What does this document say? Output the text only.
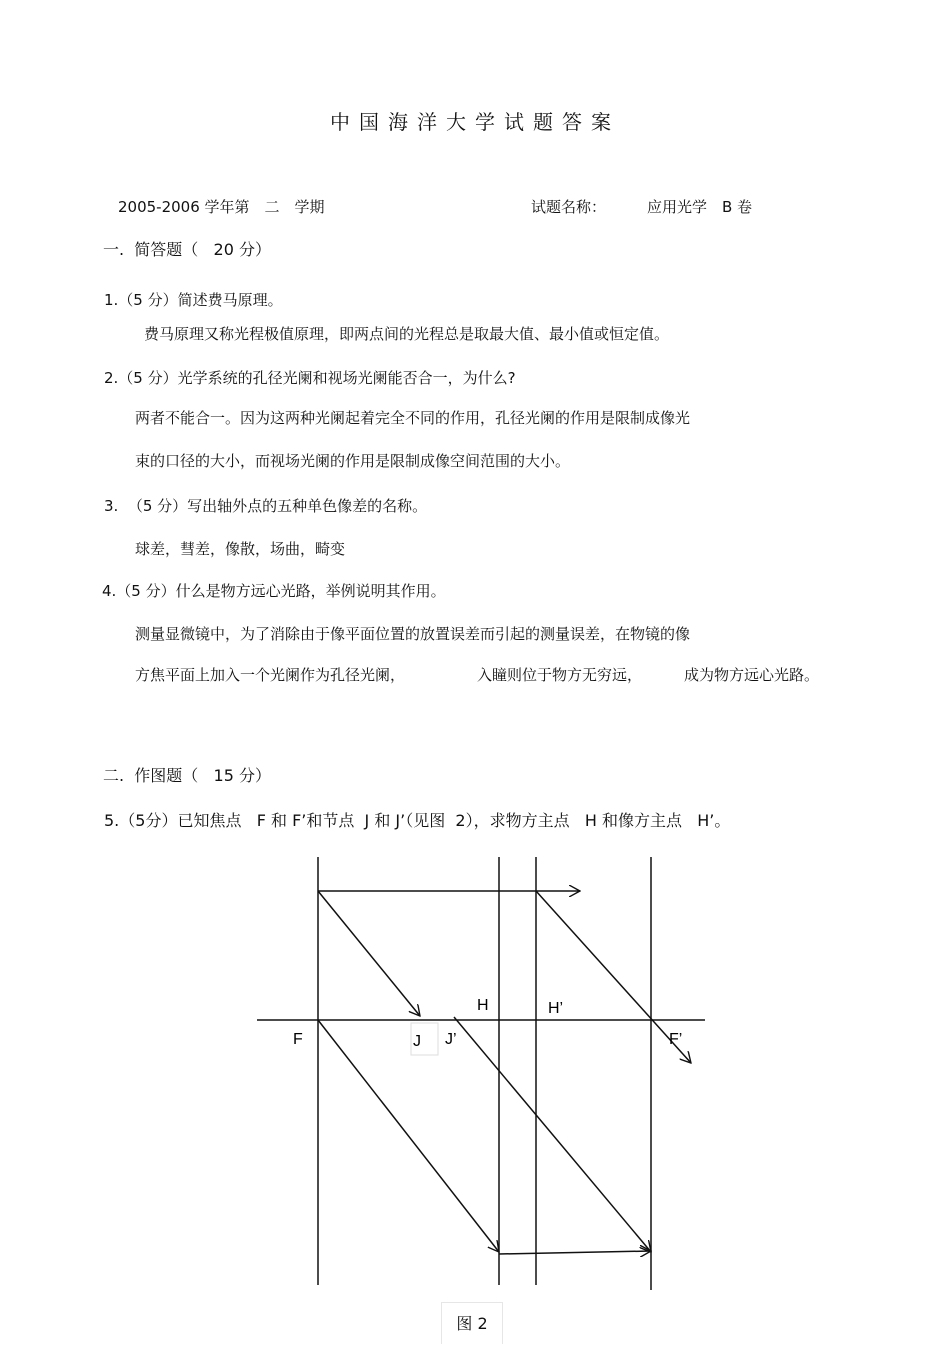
中国海洋大学试题答案
2005-2006 学年第　二　学期	试题名称：	应用光学　B 卷
一.  简答题（   20 分）
1.（5 分）简述费马原理。
费马原理又称光程极值原理，即两点间的光程总是取最大值、最小值或恒定值。
2.（5 分）光学系统的孔径光阑和视场光阑能否合一，为什么?
两者不能合一。因为这两种光阑起着完全不同的作用，孔径光阑的作用是限制成像光
束的口径的大小，而视场光阑的作用是限制成像空间范围的大小。
3.  （5 分）写出轴外点的五种单色像差的名称。
球差，彗差，像散，场曲，畸变
4.（5 分）什么是物方远心光路，举例说明其作用。
测量显微镜中，为了消除由于像平面位置的放置误差而引起的测量误差，在物镜的像
方焦平面上加入一个光阑作为孔径光阑，	入瞳则位于物方无穷远，	成为物方远心光路。
二.  作图题（   15 分）
5.（5分）已知焦点   F 和 F’和节点  J 和 J’（见图  2），求物方主点   H 和像方主点   H’。
F	J J’
H	H’
F’
图 2
